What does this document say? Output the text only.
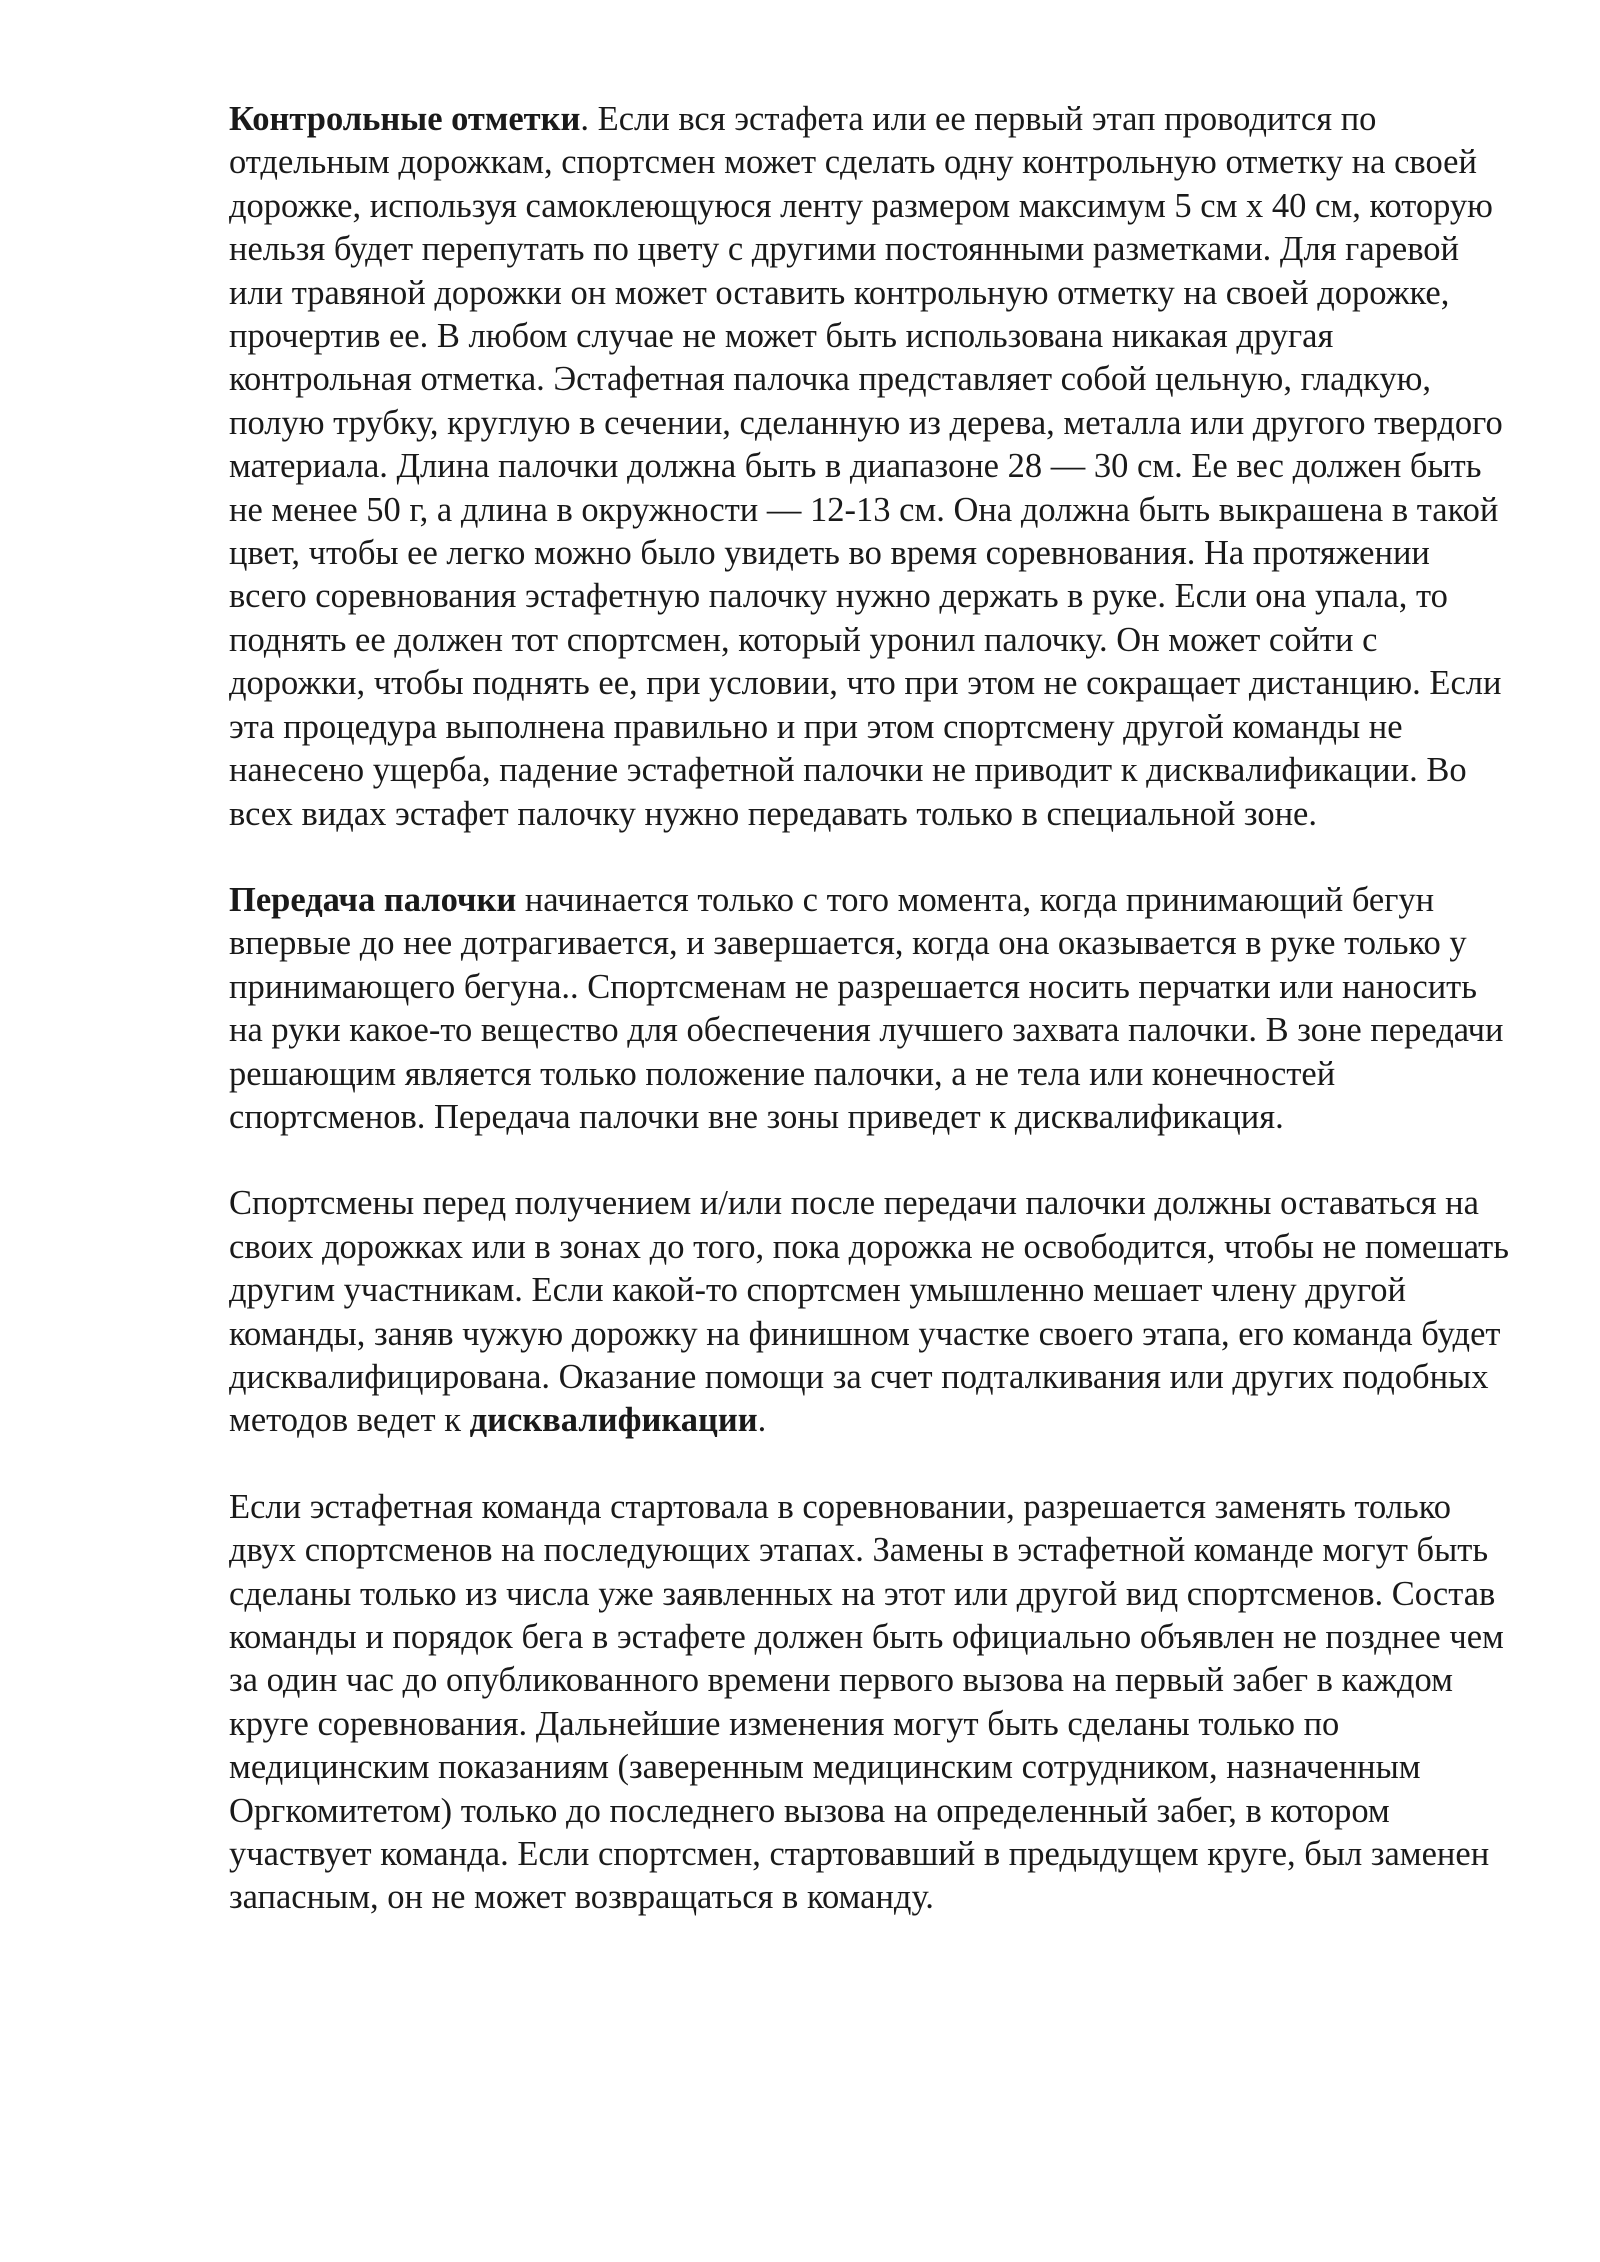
Контрольные отметки. Если вся эстафета или ее первый этап проводится по отдельным дорожкам, спортсмен может сделать одну контрольную отметку на своей дорожке, используя самоклеющуюся ленту размером максимум 5 см х 40 см, которую нельзя будет перепутать по цвету с другими постоянными разметками. Для гаревой или травяной дорожки он может оставить контрольную отметку на своей дорожке, прочертив ее. В любом случае не может быть использована никакая другая контрольная отметка. Эстафетная палочка представляет собой цельную, гладкую, полую трубку, круглую в сечении, сделанную из дерева, металла или другого твердого материала. Длина палочки должна быть в диапазоне 28 — 30 см. Ее вес должен быть не менее 50 г, а длина в окружности — 12-13 см. Она должна быть выкрашена в такой цвет, чтобы ее легко можно было увидеть во время соревнования. На протяжении всего соревнования эстафетную палочку нужно держать в руке. Если она упала, то поднять ее должен тот спортсмен, который уронил палочку. Он может сойти с дорожки, чтобы поднять ее, при условии, что при этом не сокращает дистанцию. Если эта процедура выполнена правильно и при этом спортсмену другой команды не нанесено ущерба, падение эстафетной палочки не приводит к дисквалификации. Во всех видах эстафет палочку нужно передавать только в специальной зоне.

Передача палочки начинается только с того момента, когда принимающий бегун впервые до нее дотрагивается, и завершается, когда она оказывается в руке только у принимающего бегуна.. Спортсменам не разрешается носить перчатки или наносить на руки какое-то вещество для обеспечения лучшего захвата палочки. В зоне передачи решающим является только положение палочки, а не тела или конечностей спортсменов. Передача палочки вне зоны приведет к дисквалификация.

Спортсмены перед получением и/или после передачи палочки должны оставаться на своих дорожках или в зонах до того, пока дорожка не освободится, чтобы не помешать другим участникам. Если какой-то спортсмен умышленно мешает члену другой команды, заняв чужую дорожку на финишном участке своего этапа, его команда будет дисквалифицирована. Оказание помощи за счет подталкивания или других подобных методов ведет к дисквалификации.

Если эстафетная команда стартовала в соревновании, разрешается заменять только двух спортсменов на последующих этапах. Замены в эстафетной команде могут быть сделаны только из числа уже заявленных на этот или другой вид спортсменов. Состав команды и порядок бега в эстафете должен быть официально объявлен не позднее чем за один час до опубликованного времени первого вызова на первый забег в каждом круге соревнования. Дальнейшие изменения могут быть сделаны только по медицинским показаниям (заверенным медицинским сотрудником, назначенным Оргкомитетом) только до последнего вызова на определенный забег, в котором участвует команда. Если спортсмен, стартовавший в предыдущем круге, был заменен запасным, он не может возвращаться в команду.
